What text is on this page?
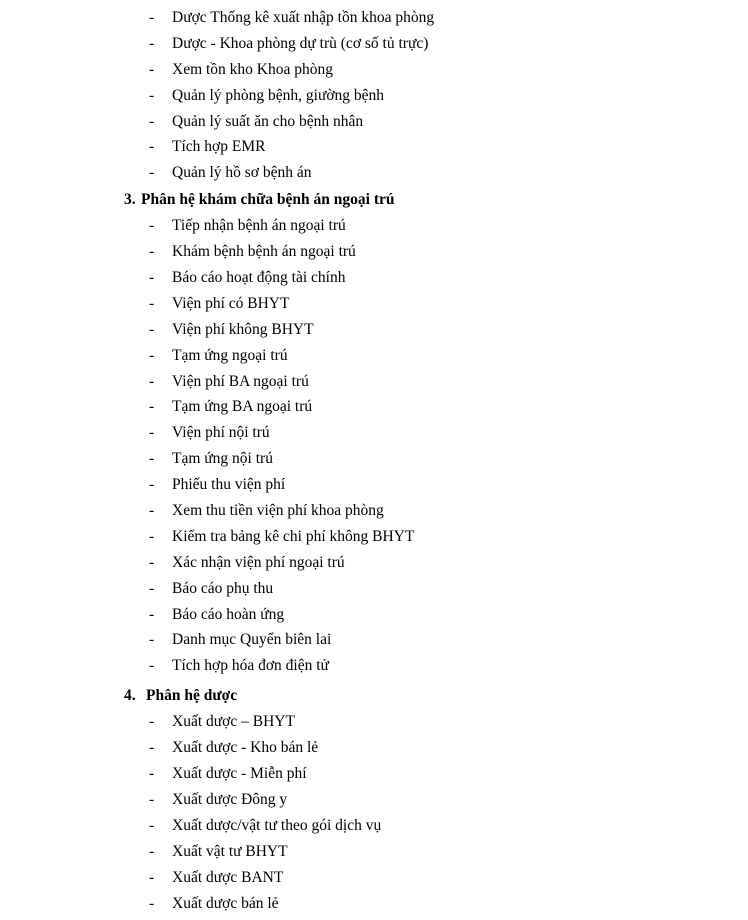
- Dược Thống kê xuất nhập tồn khoa phòng
- Dược - Khoa phòng dự trù (cơ số tủ trực)
- Xem tồn kho Khoa phòng
- Quản lý phòng bệnh, giường bệnh
- Quản lý suất ăn cho bệnh nhân
- Tích hợp EMR
- Quản lý hồ sơ bệnh án
3. Phân hệ khám chữa bệnh án ngoại trú
- Tiếp nhận bệnh án ngoại trú
- Khám bệnh bệnh án ngoại trú
- Báo cáo hoạt động tài chính
- Viện phí có BHYT
- Viện phí không BHYT
- Tạm ứng ngoại trú
- Viện phí BA ngoại trú
- Tạm ứng BA ngoại trú
- Viện phí nội trú
- Tạm ứng nội trú
- Phiếu thu viện phí
- Xem thu tiền viện phí khoa phòng
- Kiểm tra bảng kê chi phí không BHYT
- Xác nhận viện phí ngoại trú
- Báo cáo phụ thu
- Báo cáo hoàn ứng
- Danh mục Quyển biên lai
- Tích hợp hóa đơn điện tử
4. Phân hệ dược
- Xuất dược – BHYT
- Xuất dược - Kho bán lẻ
- Xuất dược - Miễn phí
- Xuất dược Đông y
- Xuất dược/vật tư theo gói dịch vụ
- Xuất vật tư BHYT
- Xuất dược BANT
- Xuất dược bán lẻ
